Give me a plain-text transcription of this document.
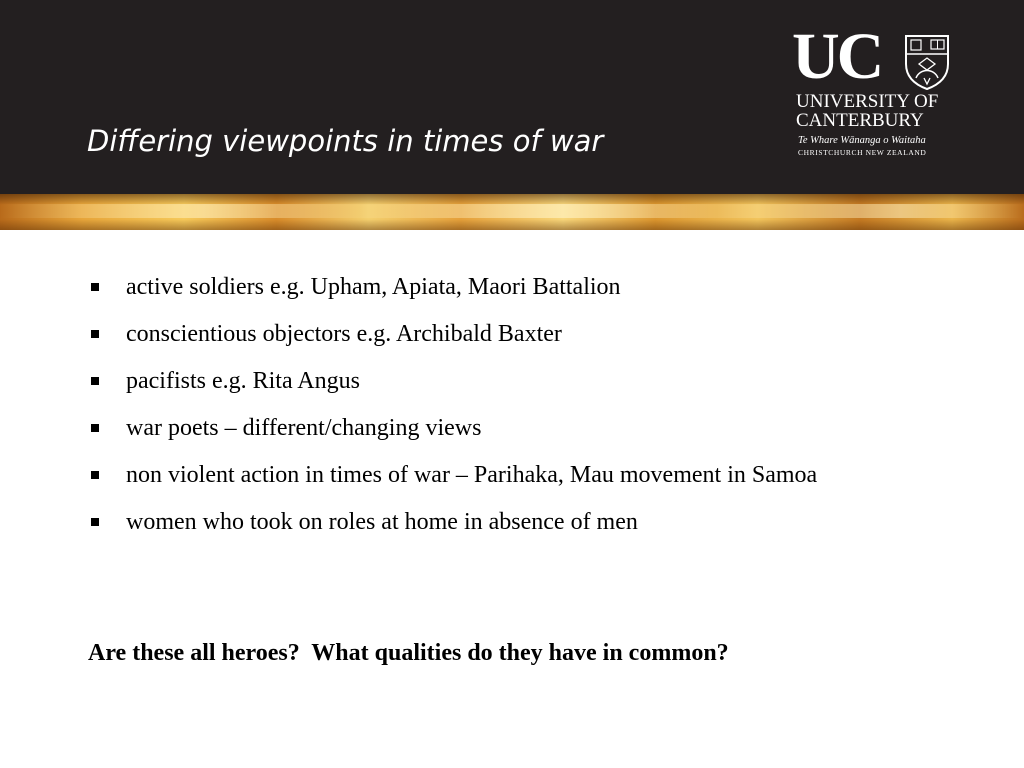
Differing viewpoints in times of war
UC
UNIVERSITY OF
CANTERBURY
Te Whare Wānanga o Waitaha
CHRISTCHURCH NEW ZEALAND
active soldiers e.g. Upham, Apiata, Maori Battalion
conscientious objectors e.g. Archibald Baxter
pacifists e.g. Rita Angus
war poets – different/changing views
non violent action in times of war – Parihaka, Mau movement in Samoa
women who took on roles at home in absence of men
Are these all heroes?  What qualities do they have in common?
